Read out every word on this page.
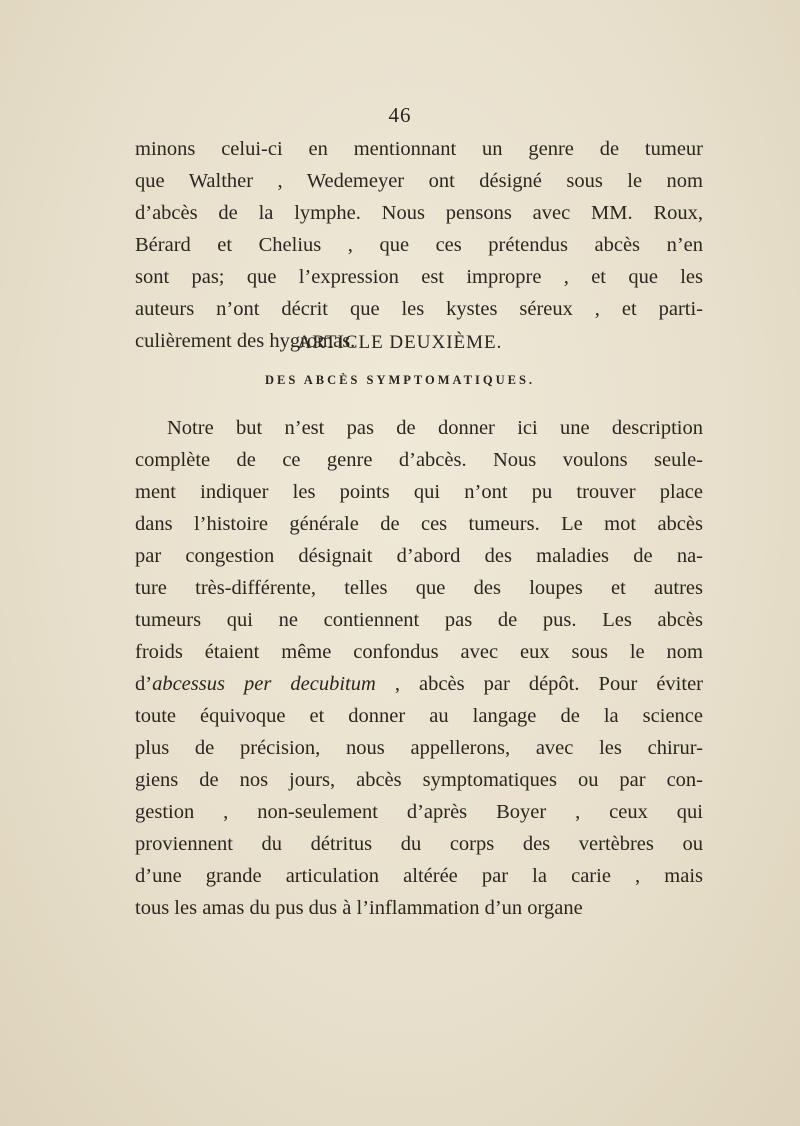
46

minons celui-ci en mentionnant un genre de tumeur
que Walther , Wedemeyer ont désigné sous le nom
d’abcès de la lymphe. Nous pensons avec MM. Roux,
Bérard et Chelius , que ces prétendus abcès n’en
sont pas; que l’expression est impropre , et que les
auteurs n’ont décrit que les kystes séreux , et parti-
culièrement des hygromas.

ARTICLE DEUXIÈME.
DES ABCÈS SYMPTOMATIQUES.

Notre but n’est pas de donner ici une description
complète de ce genre d’abcès. Nous voulons seule-
ment indiquer les points qui n’ont pu trouver place
dans l’histoire générale de ces tumeurs. Le mot abcès
par congestion désignait d’abord des maladies de na-
ture très-différente, telles que des loupes et autres
tumeurs qui ne contiennent pas de pus. Les abcès
froids étaient même confondus avec eux sous le nom
d’abcessus per decubitum , abcès par dépôt. Pour éviter
toute équivoque et donner au langage de la science
plus de précision, nous appellerons, avec les chirur-
giens de nos jours, abcès symptomatiques ou par con-
gestion , non-seulement d’après Boyer , ceux qui
proviennent du détritus du corps des vertèbres ou
d’une grande articulation altérée par la carie , mais
tous les amas du pus dus à l’inflammation d’un organe
